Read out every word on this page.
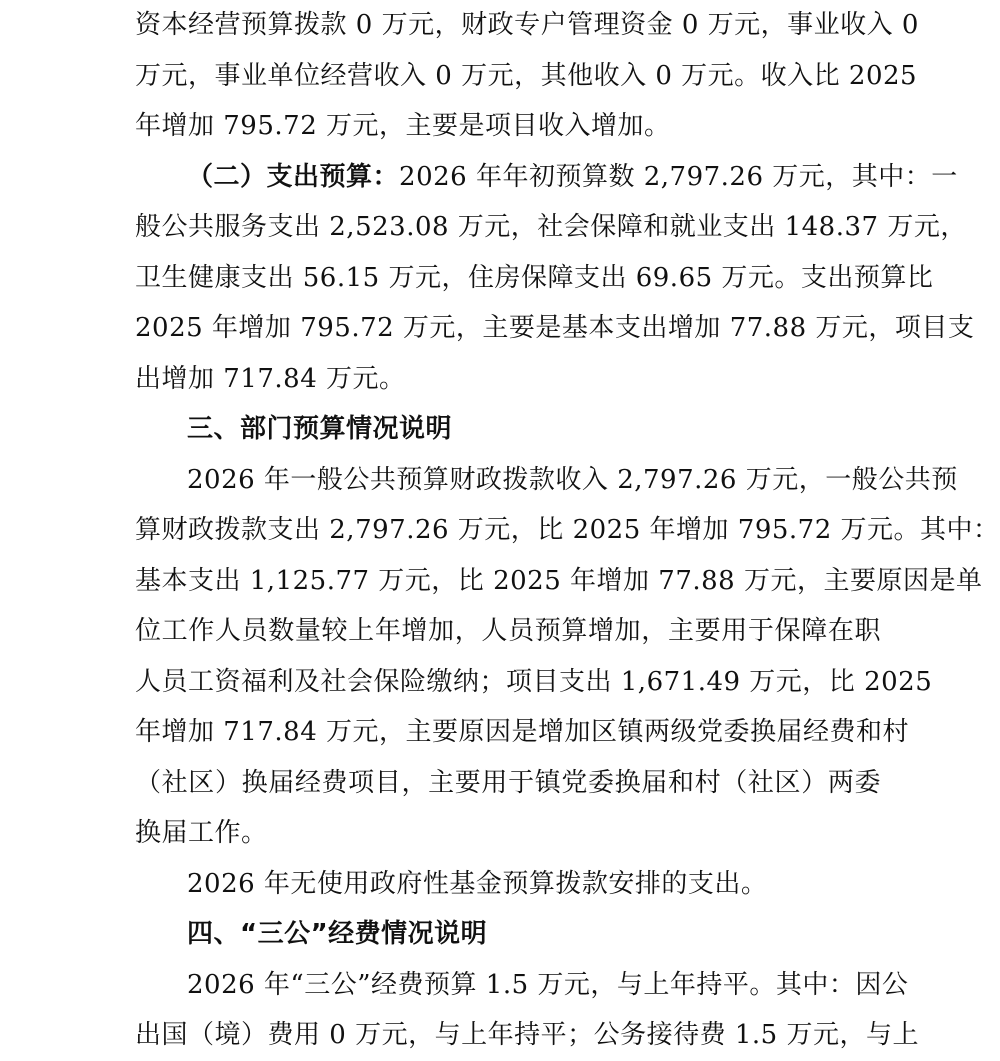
资本经营预算拨款 0 万元，财政专户管理资金 0 万元，事业收入 0
万元，事业单位经营收入 0 万元，其他收入 0 万元。收入比 2025
年增加 795.72 万元，主要是项目收入增加。
（二）支出预算：2026 年年初预算数 2,797.26 万元，其中：一
般公共服务支出 2,523.08 万元，社会保障和就业支出 148.37 万元，
卫生健康支出 56.15 万元，住房保障支出 69.65 万元。支出预算比
2025 年增加 795.72 万元，主要是基本支出增加 77.88 万元，项目支
出增加 717.84 万元。
三、部门预算情况说明
2026 年一般公共预算财政拨款收入 2,797.26 万元，一般公共预
算财政拨款支出 2,797.26 万元，比 2025 年增加 795.72 万元。其中：
基本支出 1,125.77 万元，比 2025 年增加 77.88 万元，主要原因是单
位工作人员数量较上年增加，人员预算增加，主要用于保障在职
人员工资福利及社会保险缴纳；项目支出 1,671.49 万元，比 2025
年增加 717.84 万元，主要原因是增加区镇两级党委换届经费和村
（社区）换届经费项目，主要用于镇党委换届和村（社区）两委
换届工作。
2026 年无使用政府性基金预算拨款安排的支出。
四、“三公”经费情况说明
2026 年“三公”经费预算 1.5 万元，与上年持平。其中：因公
出国（境）费用 0 万元，与上年持平；公务接待费 1.5 万元，与上
